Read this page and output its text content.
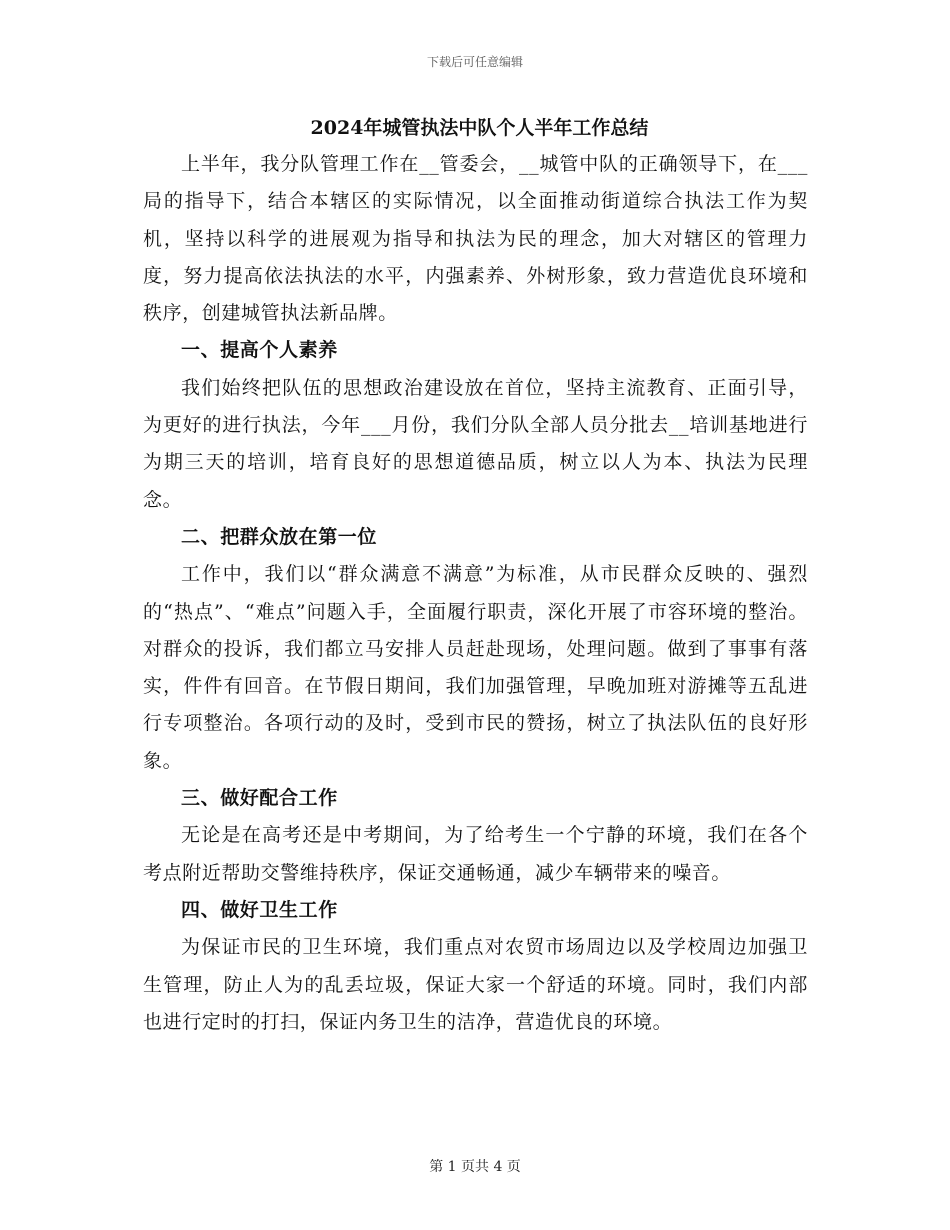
下载后可任意编辑
2024年城管执法中队个人半年工作总结

上半年，我分队管理工作在__管委会，__城管中队的正确领导下，在___局的指导下，结合本辖区的实际情况，以全面推动街道综合执法工作为契机，坚持以科学的进展观为指导和执法为民的理念，加大对辖区的管理力度，努力提高依法执法的水平，内强素养、外树形象，致力营造优良环境和秩序，创建城管执法新品牌。

一、提高个人素养

我们始终把队伍的思想政治建设放在首位，坚持主流教育、正面引导，为更好的进行执法，今年___月份，我们分队全部人员分批去__培训基地进行为期三天的培训，培育良好的思想道德品质，树立以人为本、执法为民理念。

二、把群众放在第一位

工作中，我们以“群众满意不满意”为标准，从市民群众反映的、强烈的“热点”、“难点”问题入手，全面履行职责，深化开展了市容环境的整治。对群众的投诉，我们都立马安排人员赶赴现场，处理问题。做到了事事有落实，件件有回音。在节假日期间，我们加强管理，早晚加班对游摊等五乱进行专项整治。各项行动的及时，受到市民的赞扬，树立了执法队伍的良好形象。

三、做好配合工作

无论是在高考还是中考期间，为了给考生一个宁静的环境，我们在各个考点附近帮助交警维持秩序，保证交通畅通，减少车辆带来的噪音。

四、做好卫生工作

为保证市民的卫生环境，我们重点对农贸市场周边以及学校周边加强卫生管理，防止人为的乱丢垃圾，保证大家一个舒适的环境。同时，我们内部也进行定时的打扫，保证内务卫生的洁净，营造优良的环境。

第 1 页共 4 页
